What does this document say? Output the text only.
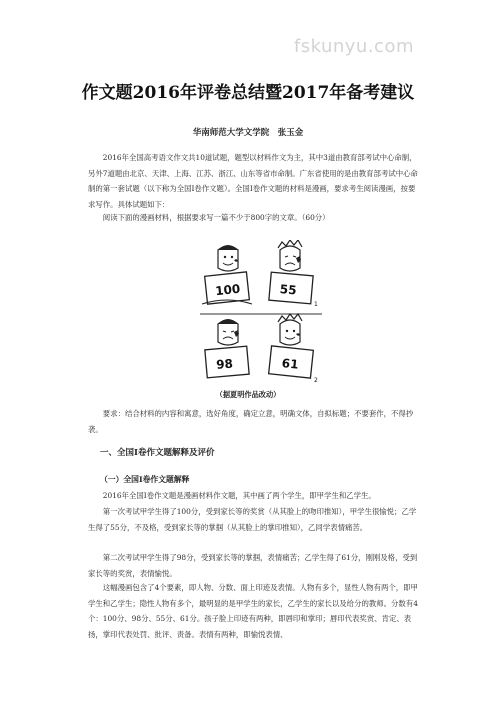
fskunyu.com
作文题2016年评卷总结暨2017年备考建议
华南师范大学文学院　张玉金
2016年全国高考语文作文共10道试题，题型以材料作文为主，其中3道由教育部考试中心命制，另外7道题由北京、天津、上海、江苏、浙江、山东等省市命制。广东省使用的是由教育部考试中心命制的第一套试题（以下称为全国Ⅰ卷作文题）。全国Ⅰ卷作文题的材料是漫画，要求考生阅读漫画，按要求写作。具体试题如下：
阅读下面的漫画材料，根据要求写一篇不少于800字的文章。（60分）
100	55
1
98	61
2
（据夏明作品改动）
要求：结合材料的内容和寓意，选好角度，确定立意，明确文体，自拟标题；不要套作，不得抄袭。
一、全国Ⅰ卷作文题解释及评价
（一）全国Ⅰ卷作文题解释
2016年全国Ⅰ卷作文题是漫画材料作文题，其中画了两个学生，即甲学生和乙学生。
第一次考试甲学生得了100分，受到家长等的奖赏（从其脸上的吻印推知），甲学生很愉悦；乙学生得了55分，不及格，受到家长等的掌掴（从其脸上的掌印推知），乙同学表情痛苦。
第二次考试甲学生得了98分，受到家长等的掌掴，表情痛苦；乙学生得了61分，刚刚及格，受到家长等的奖赏，表情愉悦。
这幅漫画包含了4个要素，即人物、分数、面上印迹及表情。人物有多个，显性人物有两个，即甲学生和乙学生；隐性人物有多个，最明显的是甲学生的家长，乙学生的家长以及给分的教师。分数有4个：100分、98分、55分、61分。孩子脸上印迹有两种，即唇印和掌印；唇印代表奖赏、肯定、表扬，掌印代表处罚、批评、责备。表情有两种，即愉悦表情、
